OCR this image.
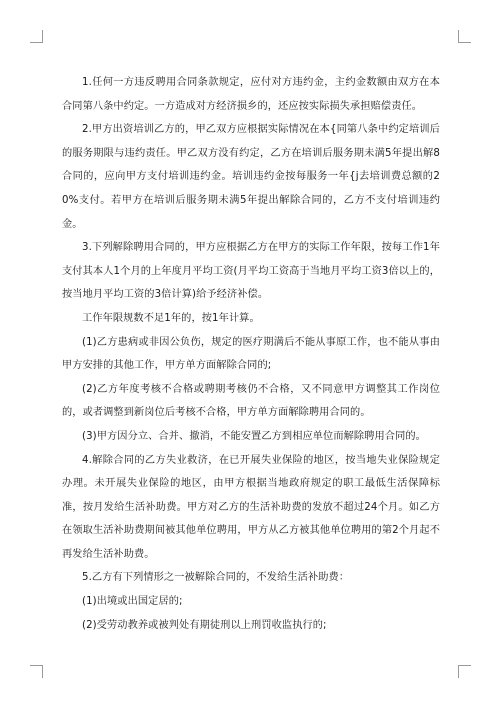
1.任何一方违反聘用合同条款规定，应付对方违约金，主约金数额由双方在本合同第八条中约定。一方造成对方经济损乡的，还应按实际损失承担赔偿责任。

2.甲方出资培训乙方的，甲乙双方应根据实际情况在本{同第八条中约定培训后的服务期限与违约责任。甲乙双方没有约定，乙方在培训后服务期未满5年提出解8合同的，应向甲方支付培训违约金。培训违约金按每服务一年{j去培训费总额的20%支付。若甲方在培训后服务期未满5年提出解除合同的，乙方不支付培训违约金。

3.下列解除聘用合同的，甲方应根据乙方在甲方的实际工作年限，按每工作1年支付其本人1个月的上年度月平均工资(月平均工资高于当地月平均工资3倍以上的，按当地月平均工资的3倍计算)给予经济补偿。

工作年限规数不足1年的，按1年计算。

(1)乙方患病或非因公负伤，规定的医疗期满后不能从事原工作，也不能从事由甲方安排的其他工作，甲方单方面解除合同的;

(2)乙方年度考核不合格或聘期考核仍不合格，又不同意甲方调整其工作岗位的，或者调整到新岗位后考核不合格，甲方单方面解除聘用合同的。

(3)甲方因分立、合并、撤消，不能安置乙方到相应单位而解除聘用合同的。

4.解除合同的乙方失业救济，在已开展失业保险的地区，按当地失业保险规定办理。未开展失业保险的地区，由甲方根据当地政府规定的职工最低生活保障标准，按月发给生活补助费。甲方对乙方的生活补助费的发放不超过24个月。如乙方在领取生活补助费期间被其他单位聘用，甲方从乙方被其他单位聘用的第2个月起不再发给生活补助费。

5.乙方有下列情形之一被解除合同的，不发给生活补助费：

(1)出境或出国定居的;

(2)受劳动教养或被判处有期徒刑以上刑罚收监执行的;
